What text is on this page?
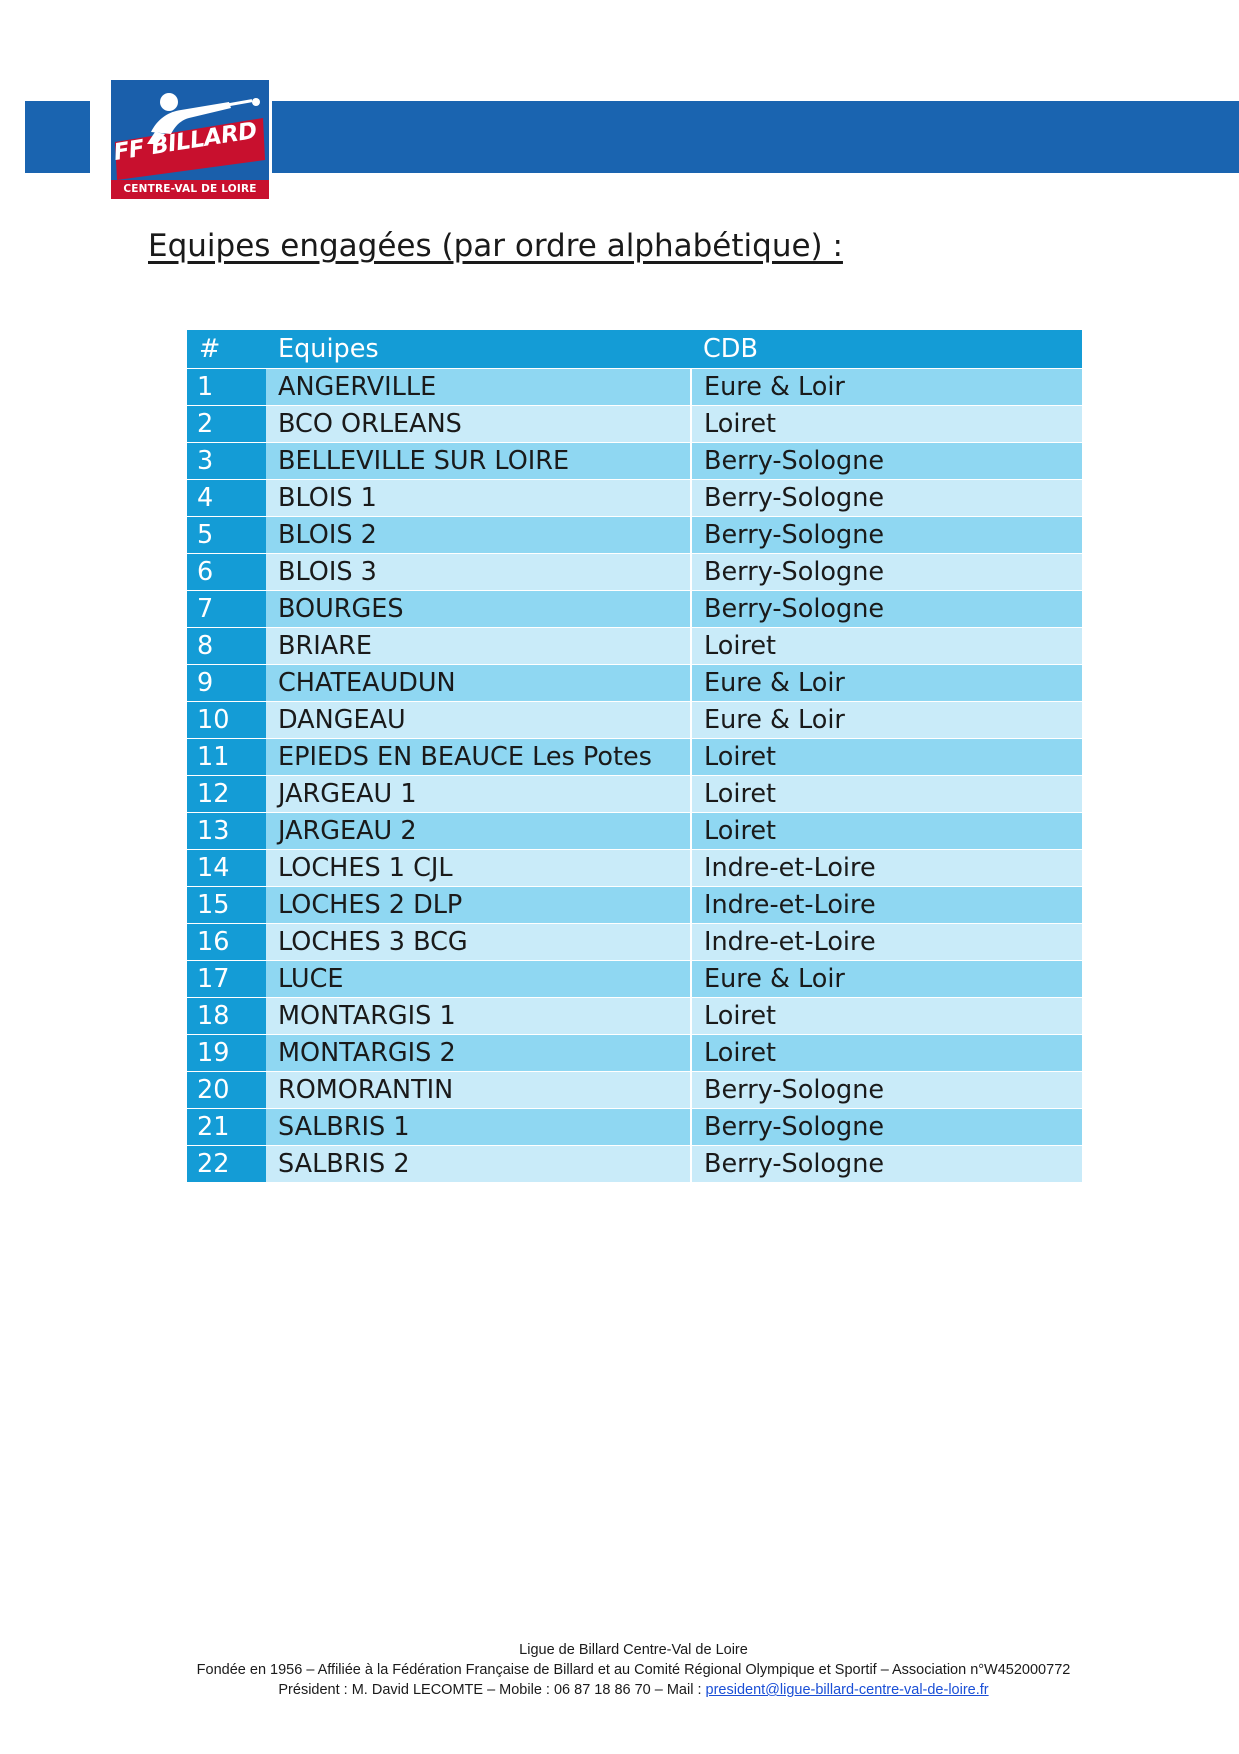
FF BILLARD
CENTRE-VAL DE LOIRE
Equipes engagées (par ordre alphabétique) :
#	Equipes	CDB
1	ANGERVILLE	Eure & Loir
2	BCO ORLEANS	Loiret
3	BELLEVILLE SUR LOIRE	Berry-Sologne
4	BLOIS 1	Berry-Sologne
5	BLOIS 2	Berry-Sologne
6	BLOIS 3	Berry-Sologne
7	BOURGES	Berry-Sologne
8	BRIARE	Loiret
9	CHATEAUDUN	Eure & Loir
10	DANGEAU	Eure & Loir
11	EPIEDS EN BEAUCE Les Potes	Loiret
12	JARGEAU 1	Loiret
13	JARGEAU 2	Loiret
14	LOCHES 1 CJL	Indre-et-Loire
15	LOCHES 2 DLP	Indre-et-Loire
16	LOCHES 3 BCG	Indre-et-Loire
17	LUCE	Eure & Loir
18	MONTARGIS 1	Loiret
19	MONTARGIS 2	Loiret
20	ROMORANTIN	Berry-Sologne
21	SALBRIS 1	Berry-Sologne
22	SALBRIS 2	Berry-Sologne
Ligue de Billard Centre-Val de Loire
Fondée en 1956 – Affiliée à la Fédération Française de Billard et au Comité Régional Olympique et Sportif – Association n°W452000772
Président : M. David LECOMTE – Mobile : 06 87 18 86 70 – Mail : president@ligue-billard-centre-val-de-loire.fr
